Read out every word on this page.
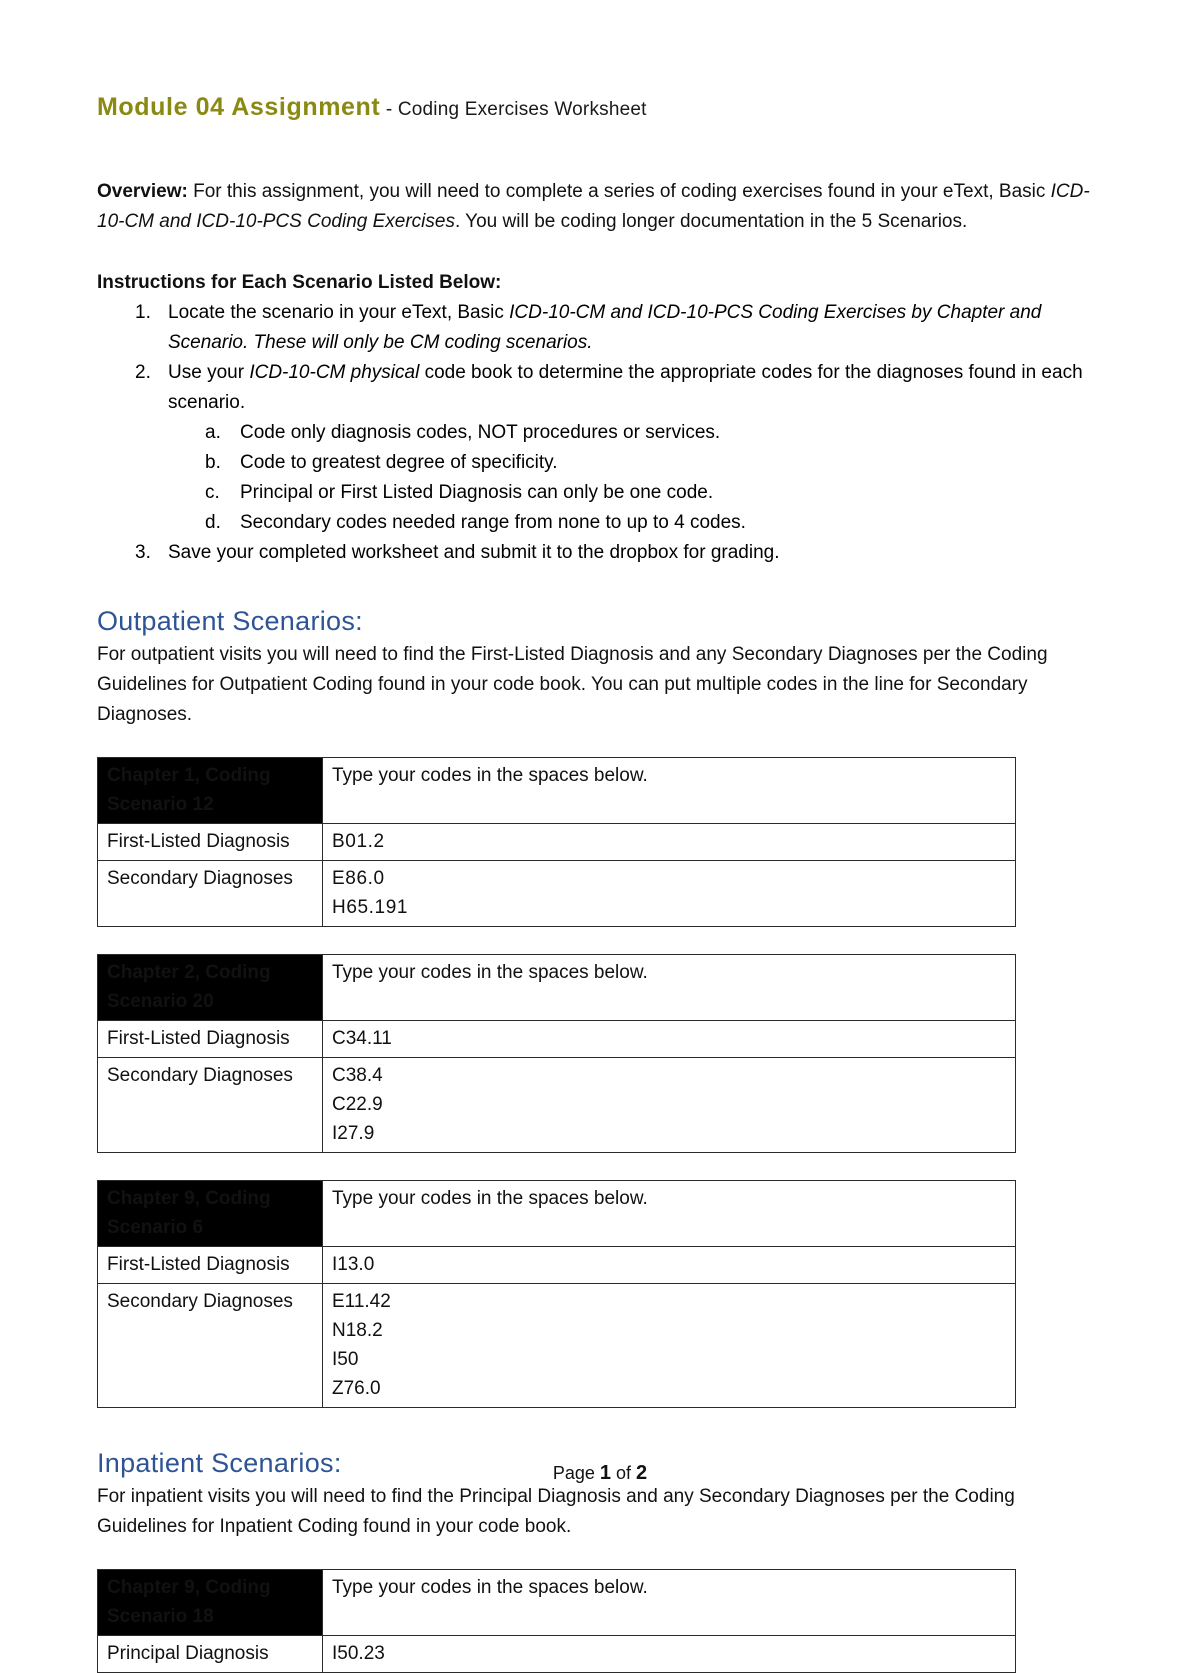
Module 04 Assignment - Coding Exercises Worksheet
Overview: For this assignment, you will need to complete a series of coding exercises found in your eText, Basic ICD-10-CM and ICD-10-PCS Coding Exercises. You will be coding longer documentation in the 5 Scenarios.
Instructions for Each Scenario Listed Below:
1. Locate the scenario in your eText, Basic ICD-10-CM and ICD-10-PCS Coding Exercises by Chapter and Scenario. These will only be CM coding scenarios.
2. Use your ICD-10-CM physical code book to determine the appropriate codes for the diagnoses found in each scenario.
a.	Code only diagnosis codes, NOT procedures or services.
b.	Code to greatest degree of specificity.
c.	Principal or First Listed Diagnosis can only be one code.
d.	Secondary codes needed range from none to up to 4 codes.
3. Save your completed worksheet and submit it to the dropbox for grading.
Outpatient Scenarios:
For outpatient visits you will need to find the First-Listed Diagnosis and any Secondary Diagnoses per the Coding Guidelines for Outpatient Coding found in your code book. You can put multiple codes in the line for Secondary Diagnoses.
Chapter 1, Coding Scenario 12	Type your codes in the spaces below.
First-Listed Diagnosis	B01.2

Secondary Diagnoses	E86.0
H65.191
Chapter 2, Coding Scenario 20	Type your codes in the spaces below.
First-Listed Diagnosis	C34.11

Secondary Diagnoses	C38.4
C22.9
I27.9
Chapter 9, Coding Scenario 6	Type your codes in the spaces below.
First-Listed Diagnosis	I13.0

Secondary Diagnoses	E11.42
N18.2
I50
Z76.0
Inpatient Scenarios:
For inpatient visits you will need to find the Principal Diagnosis and any Secondary Diagnoses per the Coding Guidelines for Inpatient Coding found in your code book.
Chapter 9, Coding Scenario 18	Type your codes in the spaces below.
Principal Diagnosis	I50.23
Page 1 of 2
